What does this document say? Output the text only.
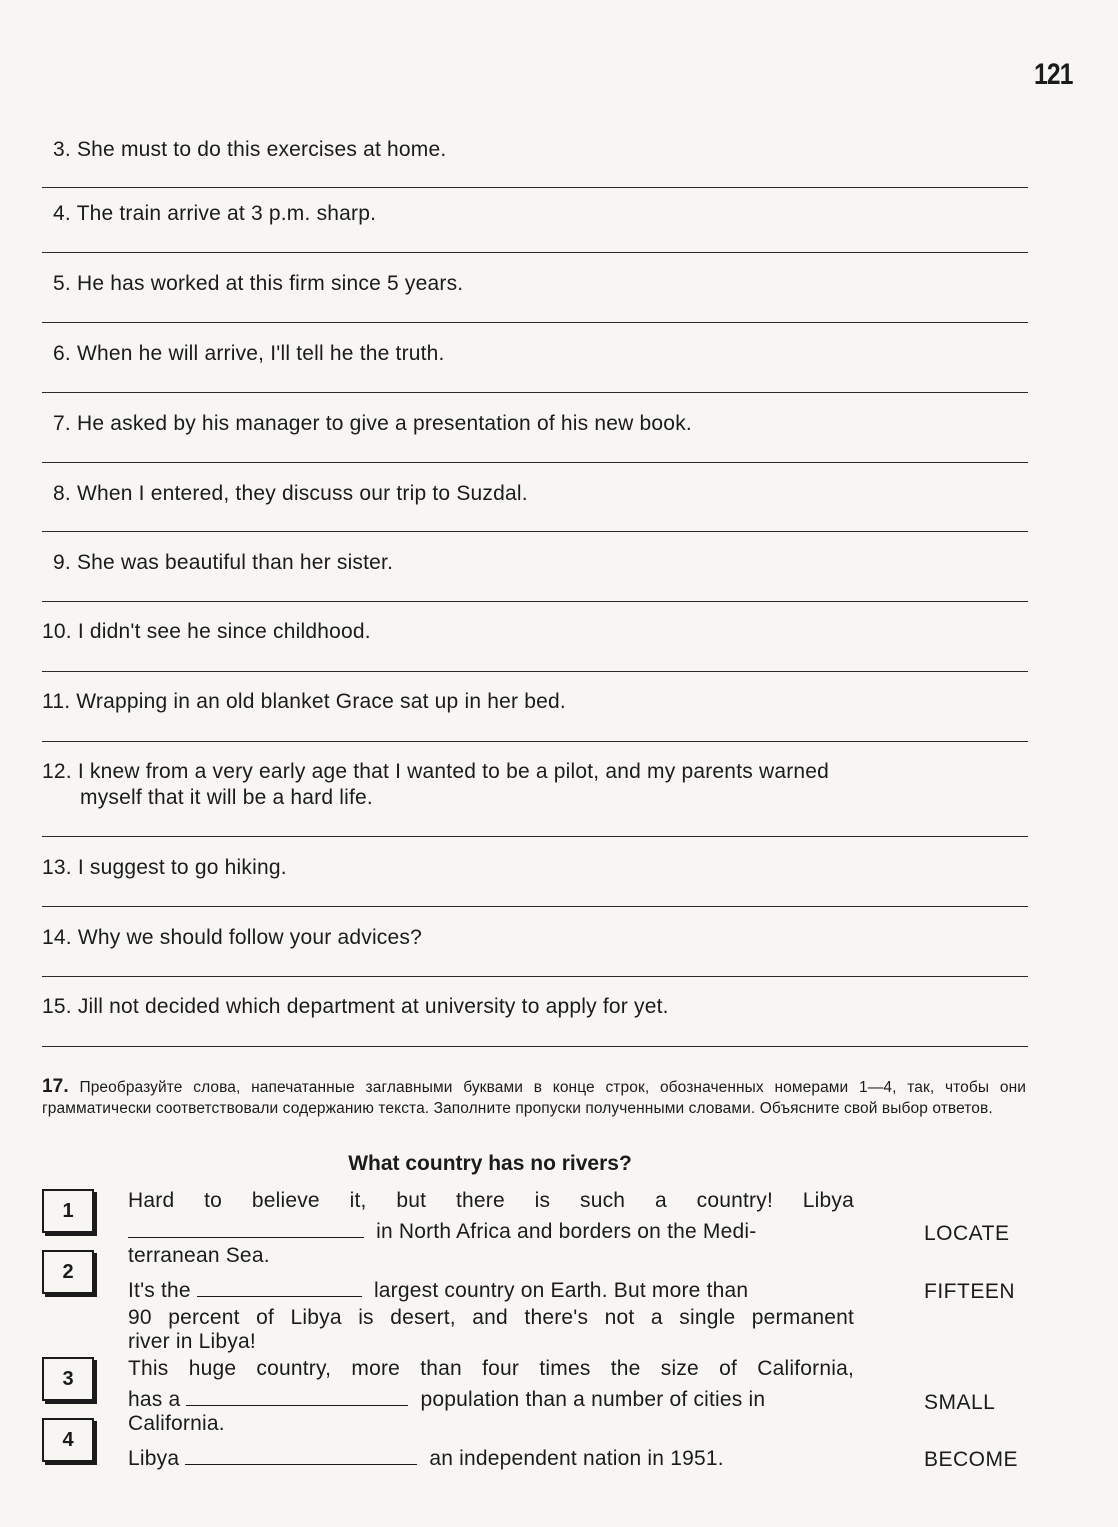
121
3. She must to do this exercises at home.
4. The train arrive at 3 p.m. sharp.
5. He has worked at this firm since 5 years.
6. When he will arrive, I'll tell he the truth.
7. He asked by his manager to give a presentation of his new book.
8. When I entered, they discuss our trip to Suzdal.
9. She was beautiful than her sister.
10. I didn't see he since childhood.
11. Wrapping in an old blanket Grace sat up in her bed.
12. I knew from a very early age that I wanted to be a pilot, and my parents warned
myself that it will be a hard life.
13. I suggest to go hiking.
14. Why we should follow your advices?
15. Jill not decided which department at university to apply for yet.
17. Преобразуйте слова, напечатанные заглавными буквами в конце строк, обозначенных номерами 1—4, так, чтобы они грамматически соответствовали содержанию текста. Заполните пропуски полученными словами. Объясните свой выбор ответов.
What country has no rivers?
1
2
3
4
Hard to believe it, but there is such a country! Libya
in North Africa and borders on the Medi-
terranean Sea.
It's the	largest country on Earth. But more than
90 percent of Libya is desert, and there's not a single permanent
river in Libya!
This huge country, more than four times the size of California,
has a	population than a number of cities in
California.
Libya	an independent nation in 1951.
LOCATE
FIFTEEN
SMALL
BECOME
